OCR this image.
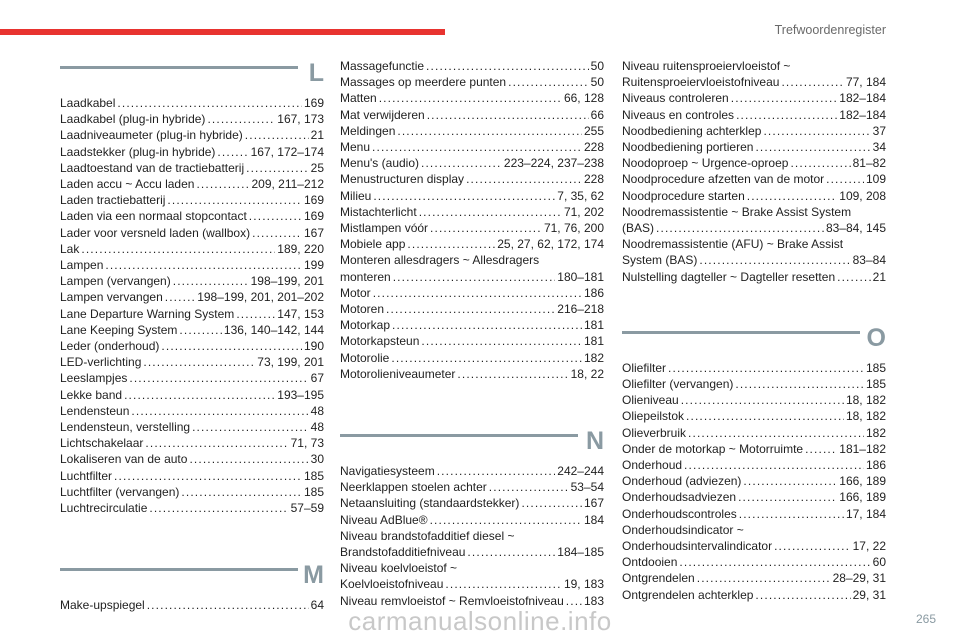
Trefwoordenregister
L
Laadkabel . . .	169
Laadkabel (plug-in hybride) . . .	167, 173
Laadniveaumeter (plug-in hybride) . . .	21
Laadstekker (plug-in hybride) . . .	167, 172–174
Laadtoestand van de tractiebatterij . . .	25
Laden accu ~ Accu laden . . .	209, 211–212
Laden tractiebatterij . . .	169
Laden via een normaal stopcontact . . .	169
Lader voor versneld laden (wallbox) . . .	167
Lak . . .	189, 220
Lampen . . .	199
Lampen (vervangen) . . .	198–199, 201
Lampen vervangen . . .	198–199, 201, 201–202
Lane Departure Warning System . . .	147, 153
Lane Keeping System . . .	136, 140–142, 144
Leder (onderhoud) . . .	190
LED-verlichting . . .	73, 199, 201
Leeslampjes . . .	67
Lekke band . . .	193–195
Lendensteun . . .	48
Lendensteun, verstelling . . .	48
Lichtschakelaar . . .	71, 73
Lokaliseren van de auto . . .	30
Luchtfilter . . .	185
Luchtfilter (vervangen) . . .	185
Luchtrecirculatie . . .	57–59
M
Make-upspiegel . . .	64
Massagefunctie . . .	50
Massages op meerdere punten . . .	50
Matten . . .	66, 128
Mat verwijderen . . .	66
Meldingen . . .	255
Menu . . .	228
Menu's (audio) . . .	223–224, 237–238
Menustructuren display . . .	228
Milieu . . .	7, 35, 62
Mistachterlicht . . .	71, 202
Mistlampen vóór . . .	71, 76, 200
Mobiele app . . .	25, 27, 62, 172, 174
Monteren allesdragers ~ Allesdragers
monteren . . .	180–181
Motor . . .	186
Motoren . . .	216–218
Motorkap . . .	181
Motorkapsteun . . .	181
Motorolie . . .	182
Motorolieniveaumeter . . .	18, 22
N
Navigatiesysteem . . .	242–244
Neerklappen stoelen achter . . .	53–54
Netaansluiting (standaardstekker) . . .	167
Niveau AdBlue® . . .	184
Niveau brandstofadditief diesel ~
Brandstofadditiefniveau . . .	184–185
Niveau koelvloeistof ~
Koelvloeistofniveau . . .	19, 183
Niveau remvloeistof ~ Remvloeistofniveau . . . 183
Niveau ruitensproeiervloeistof ~
Ruitensproeiervloeistofniveau . . .	77, 184
Niveaus controleren . . .	182–184
Niveaus en controles . . .	182–184
Noodbediening achterklep . . .	37
Noodbediening portieren . . .	34
Noodoproep ~ Urgence-oproep . . .	81–82
Noodprocedure afzetten van de motor . . .	109
Noodprocedure starten . . .	109, 208
Noodremassistentie ~ Brake Assist System
(BAS) . . .	83–84, 145
Noodremassistentie (AFU) ~ Brake Assist
System (BAS) . . .	83–84
Nulstelling dagteller ~ Dagteller resetten . . .	21
O
Oliefilter . . .	185
Oliefilter (vervangen) . . .	185
Olieniveau . . .	18, 182
Oliepeilstok . . .	18, 182
Olieverbruik . . .	182
Onder de motorkap ~ Motorruimte . . .	181–182
Onderhoud . . .	186
Onderhoud (adviezen) . . .	166, 189
Onderhoudsadviezen . . .	166, 189
Onderhoudscontroles . . .	17, 184
Onderhoudsindicator ~
Onderhoudsintervalindicator . . .	17, 22
Ontdooien . . .	60
Ontgrendelen . . .	28–29, 31
Ontgrendelen achterklep . . .	29, 31
carmanualsonline.info	265
